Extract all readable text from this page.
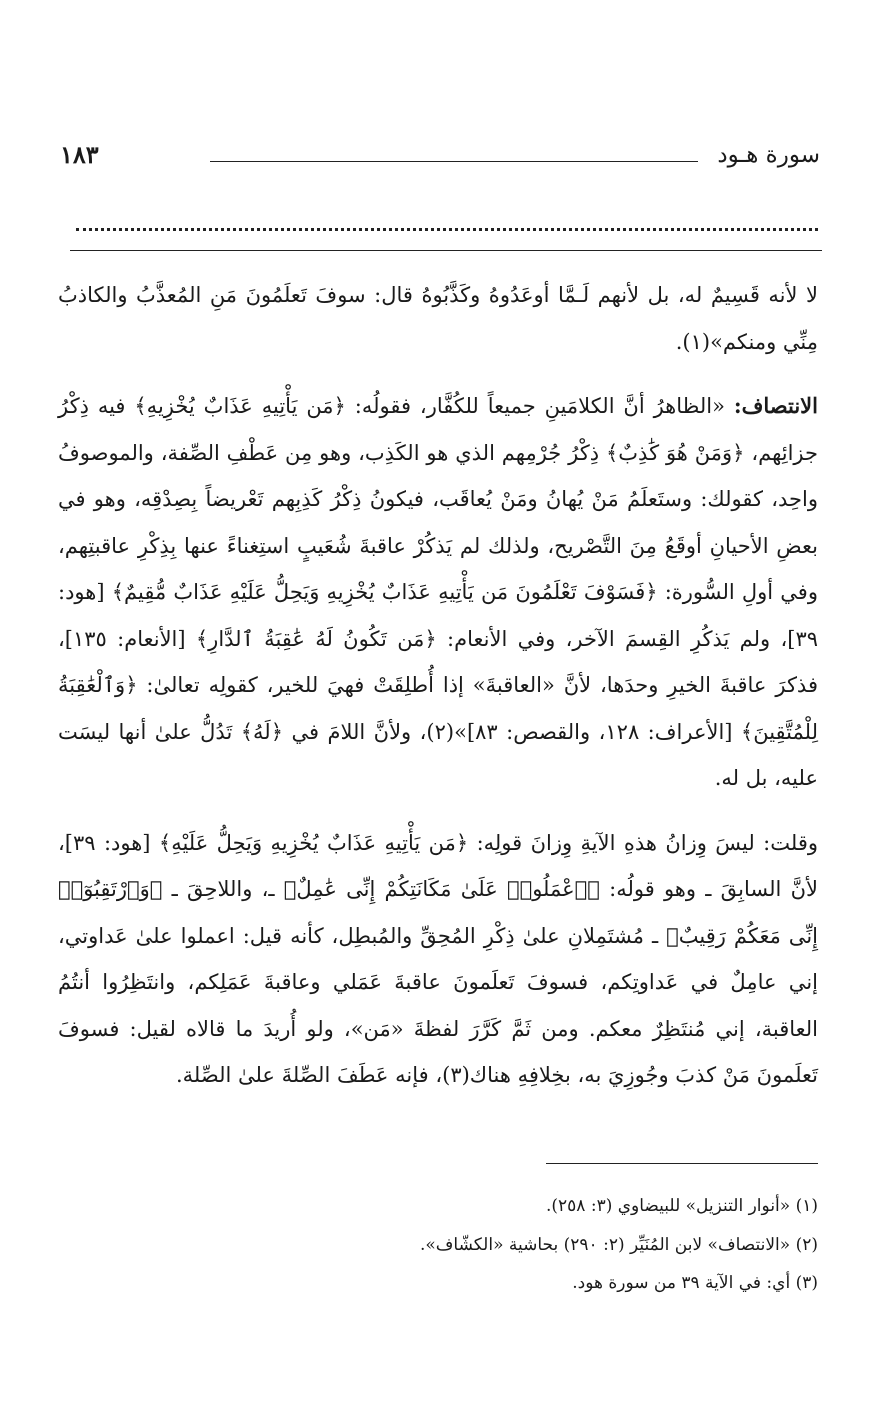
سورة هـود
١٨٣

لا لأنه قَسِيمٌ له، بل لأنهم لَـمَّا أوعَدُوهُ وكَذَّبُوهُ قال: سوفَ تَعلَمُونَ مَنِ المُعذَّبُ والكاذبُ مِنِّي ومنكم»(١).

الانتصاف: «الظاهرُ أنَّ الكلامَينِ جميعاً للكُفَّار، فقولُه: ﴿مَن يَأْتِيهِ عَذَابٌ يُخْزِيهِ﴾ فيه ذِكْرُ جزائِهم، ﴿وَمَنْ هُوَ كَٰذِبٌ﴾ ذِكْرُ جُرْمِهم الذي هو الكَذِب، وهو مِن عَطْفِ الصِّفة، والموصوفُ واحِد، كقولك: وستَعلَمُ مَنْ يُهانُ ومَنْ يُعاقَب، فيكونُ ذِكْرُ كَذِبِهم تَعْريضاً بِصِدْقِه، وهو في بعضِ الأحيانِ أوقَعُ مِنَ التَّصْريح، ولذلك لم يَذكُرْ عاقبةَ شُعَيبٍ استِغناءً عنها بِذِكْرِ عاقبتِهم، وفي أولِ السُّورة: ﴿فَسَوْفَ تَعْلَمُونَ مَن يَأْتِيهِ عَذَابٌ يُخْزِيهِ وَيَحِلُّ عَلَيْهِ عَذَابٌ مُّقِيمٌ﴾ [هود: ٣٩]، ولم يَذكُرِ القِسمَ الآخر، وفي الأنعام: ﴿مَن تَكُونُ لَهُ عَٰقِبَةُ ٱلدَّارِ﴾ [الأنعام: ١٣٥]، فذكرَ عاقبةَ الخيرِ وحدَها، لأنَّ «العاقبةَ» إذا أُطلِقَتْ فهيَ للخير، كقولِه تعالىٰ: ﴿وَٱلْعَٰقِبَةُ لِلْمُتَّقِينَ﴾ [الأعراف: ١٢٨، والقصص: ٨٣]»(٢)، ولأنَّ اللامَ في ﴿لَهُ﴾ تَدُلُّ علىٰ أنها ليسَت عليه، بل له.

وقلت: ليسَ وِزانُ هذهِ الآيةِ وِزانَ قولِه: ﴿مَن يَأْتِيهِ عَذَابٌ يُخْزِيهِ وَيَحِلُّ عَلَيْهِ﴾ [هود: ٣٩]، لأنَّ السابِقَ ـ وهو قولُه: ﴿ٱعْمَلُوا۟ عَلَىٰ مَكَانَتِكُمْ إِنِّى عَٰمِلٌ﴾ ـ، واللاحِقَ ـ ﴿وَٱرْتَقِبُوٓا۟ إِنِّى مَعَكُمْ رَقِيبٌ﴾ ـ مُشتَمِلانِ علىٰ ذِكْرِ المُحِقِّ والمُبطِل، كأنه قيل: اعملوا علىٰ عَداوتي، إني عامِلٌ في عَداوتِكم، فسوفَ تَعلَمونَ عاقبةَ عَمَلي وعاقبةَ عَمَلِكم، وانتَظِرُوا أنتُمُ العاقبة، إني مُنتَظِرٌ معكم. ومن ثَمَّ كَرَّرَ لفظةَ «مَن»، ولو أُريدَ ما قالاه لقيل: فسوفَ تَعلَمونَ مَنْ كذبَ وجُوزِيَ به، بخِلافِهِ هناك(٣)، فإنه عَطَفَ الصِّلةَ علىٰ الصِّلة.

(١) «أنوار التنزيل» للبيضاوي (٣: ٢٥٨).

(٢) «الانتصاف» لابن المُنَيِّر (٢: ٢٩٠) بحاشية «الكشّاف».

(٣) أي: في الآية ٣٩ من سورة هود.
